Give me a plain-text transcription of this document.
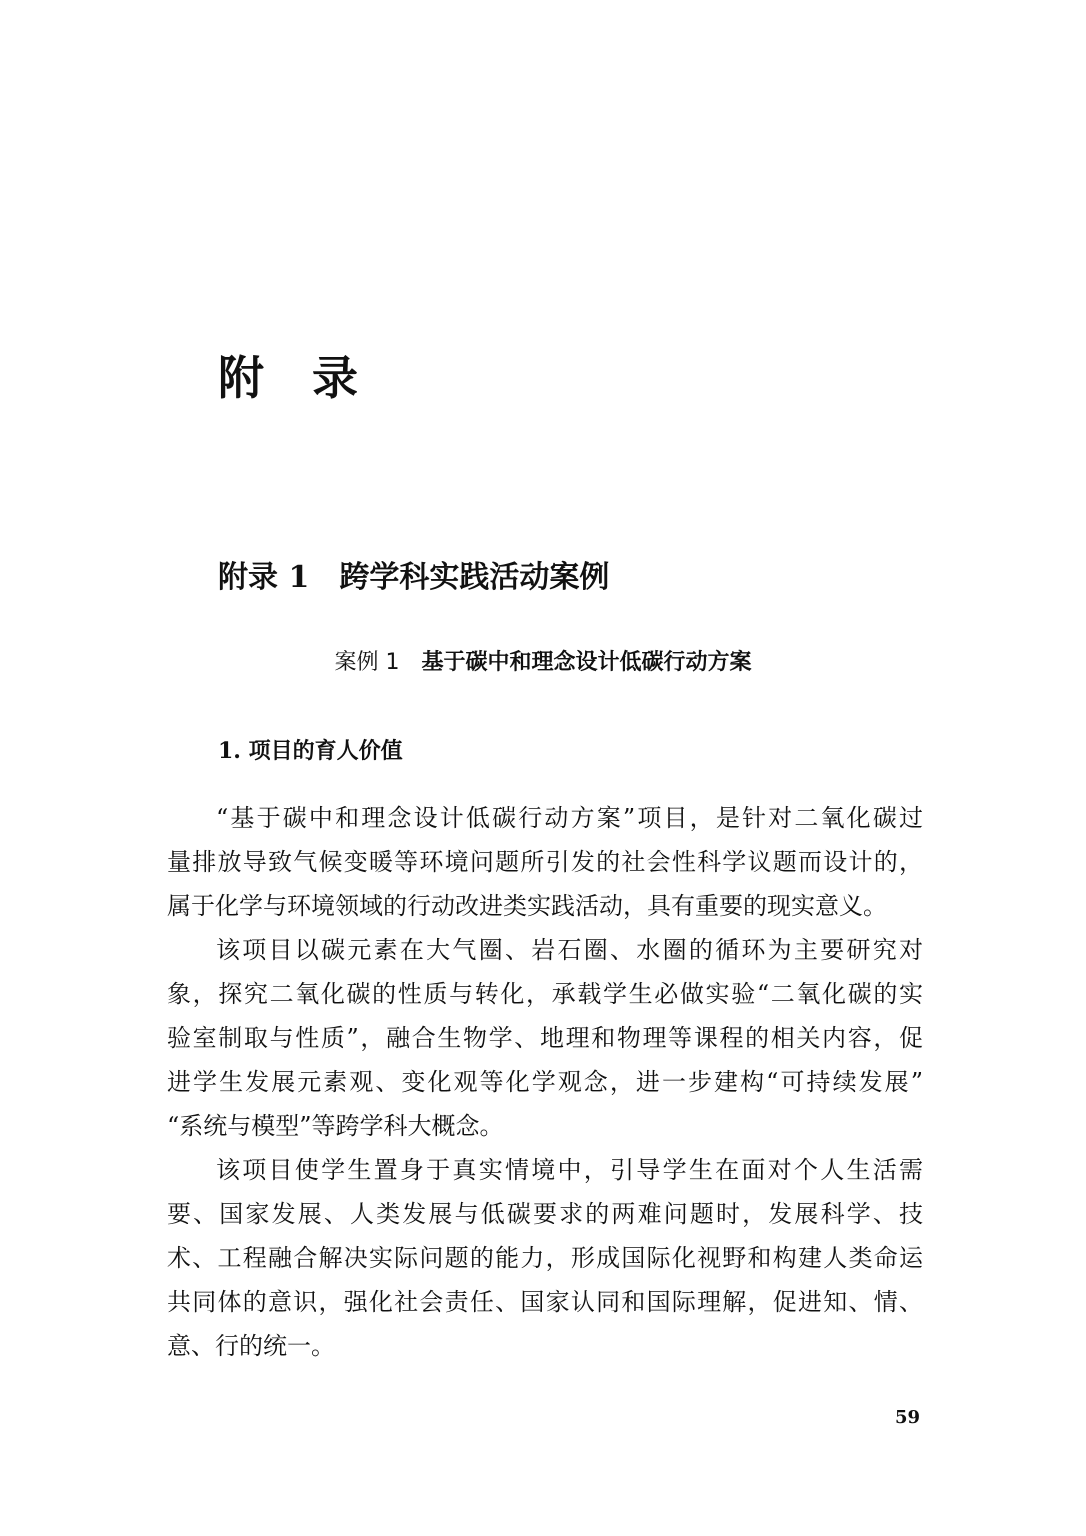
附录
附录 1 跨学科实践活动案例
案例 1 基于碳中和理念设计低碳行动方案
1. 项目的育人价值
“基于碳中和理念设计低碳行动方案”项目，是针对二氧化碳过
量排放导致气候变暖等环境问题所引发的社会性科学议题而设计的，
属于化学与环境领域的行动改进类实践活动，具有重要的现实意义。
该项目以碳元素在大气圈、岩石圈、水圈的循环为主要研究对
象，探究二氧化碳的性质与转化，承载学生必做实验“二氧化碳的实
验室制取与性质”，融合生物学、地理和物理等课程的相关内容，促
进学生发展元素观、变化观等化学观念，进一步建构“可持续发展”
“系统与模型”等跨学科大概念。
该项目使学生置身于真实情境中，引导学生在面对个人生活需
要、国家发展、人类发展与低碳要求的两难问题时，发展科学、技
术、工程融合解决实际问题的能力，形成国际化视野和构建人类命运
共同体的意识，强化社会责任、国家认同和国际理解，促进知、情、
意、行的统一。
59
